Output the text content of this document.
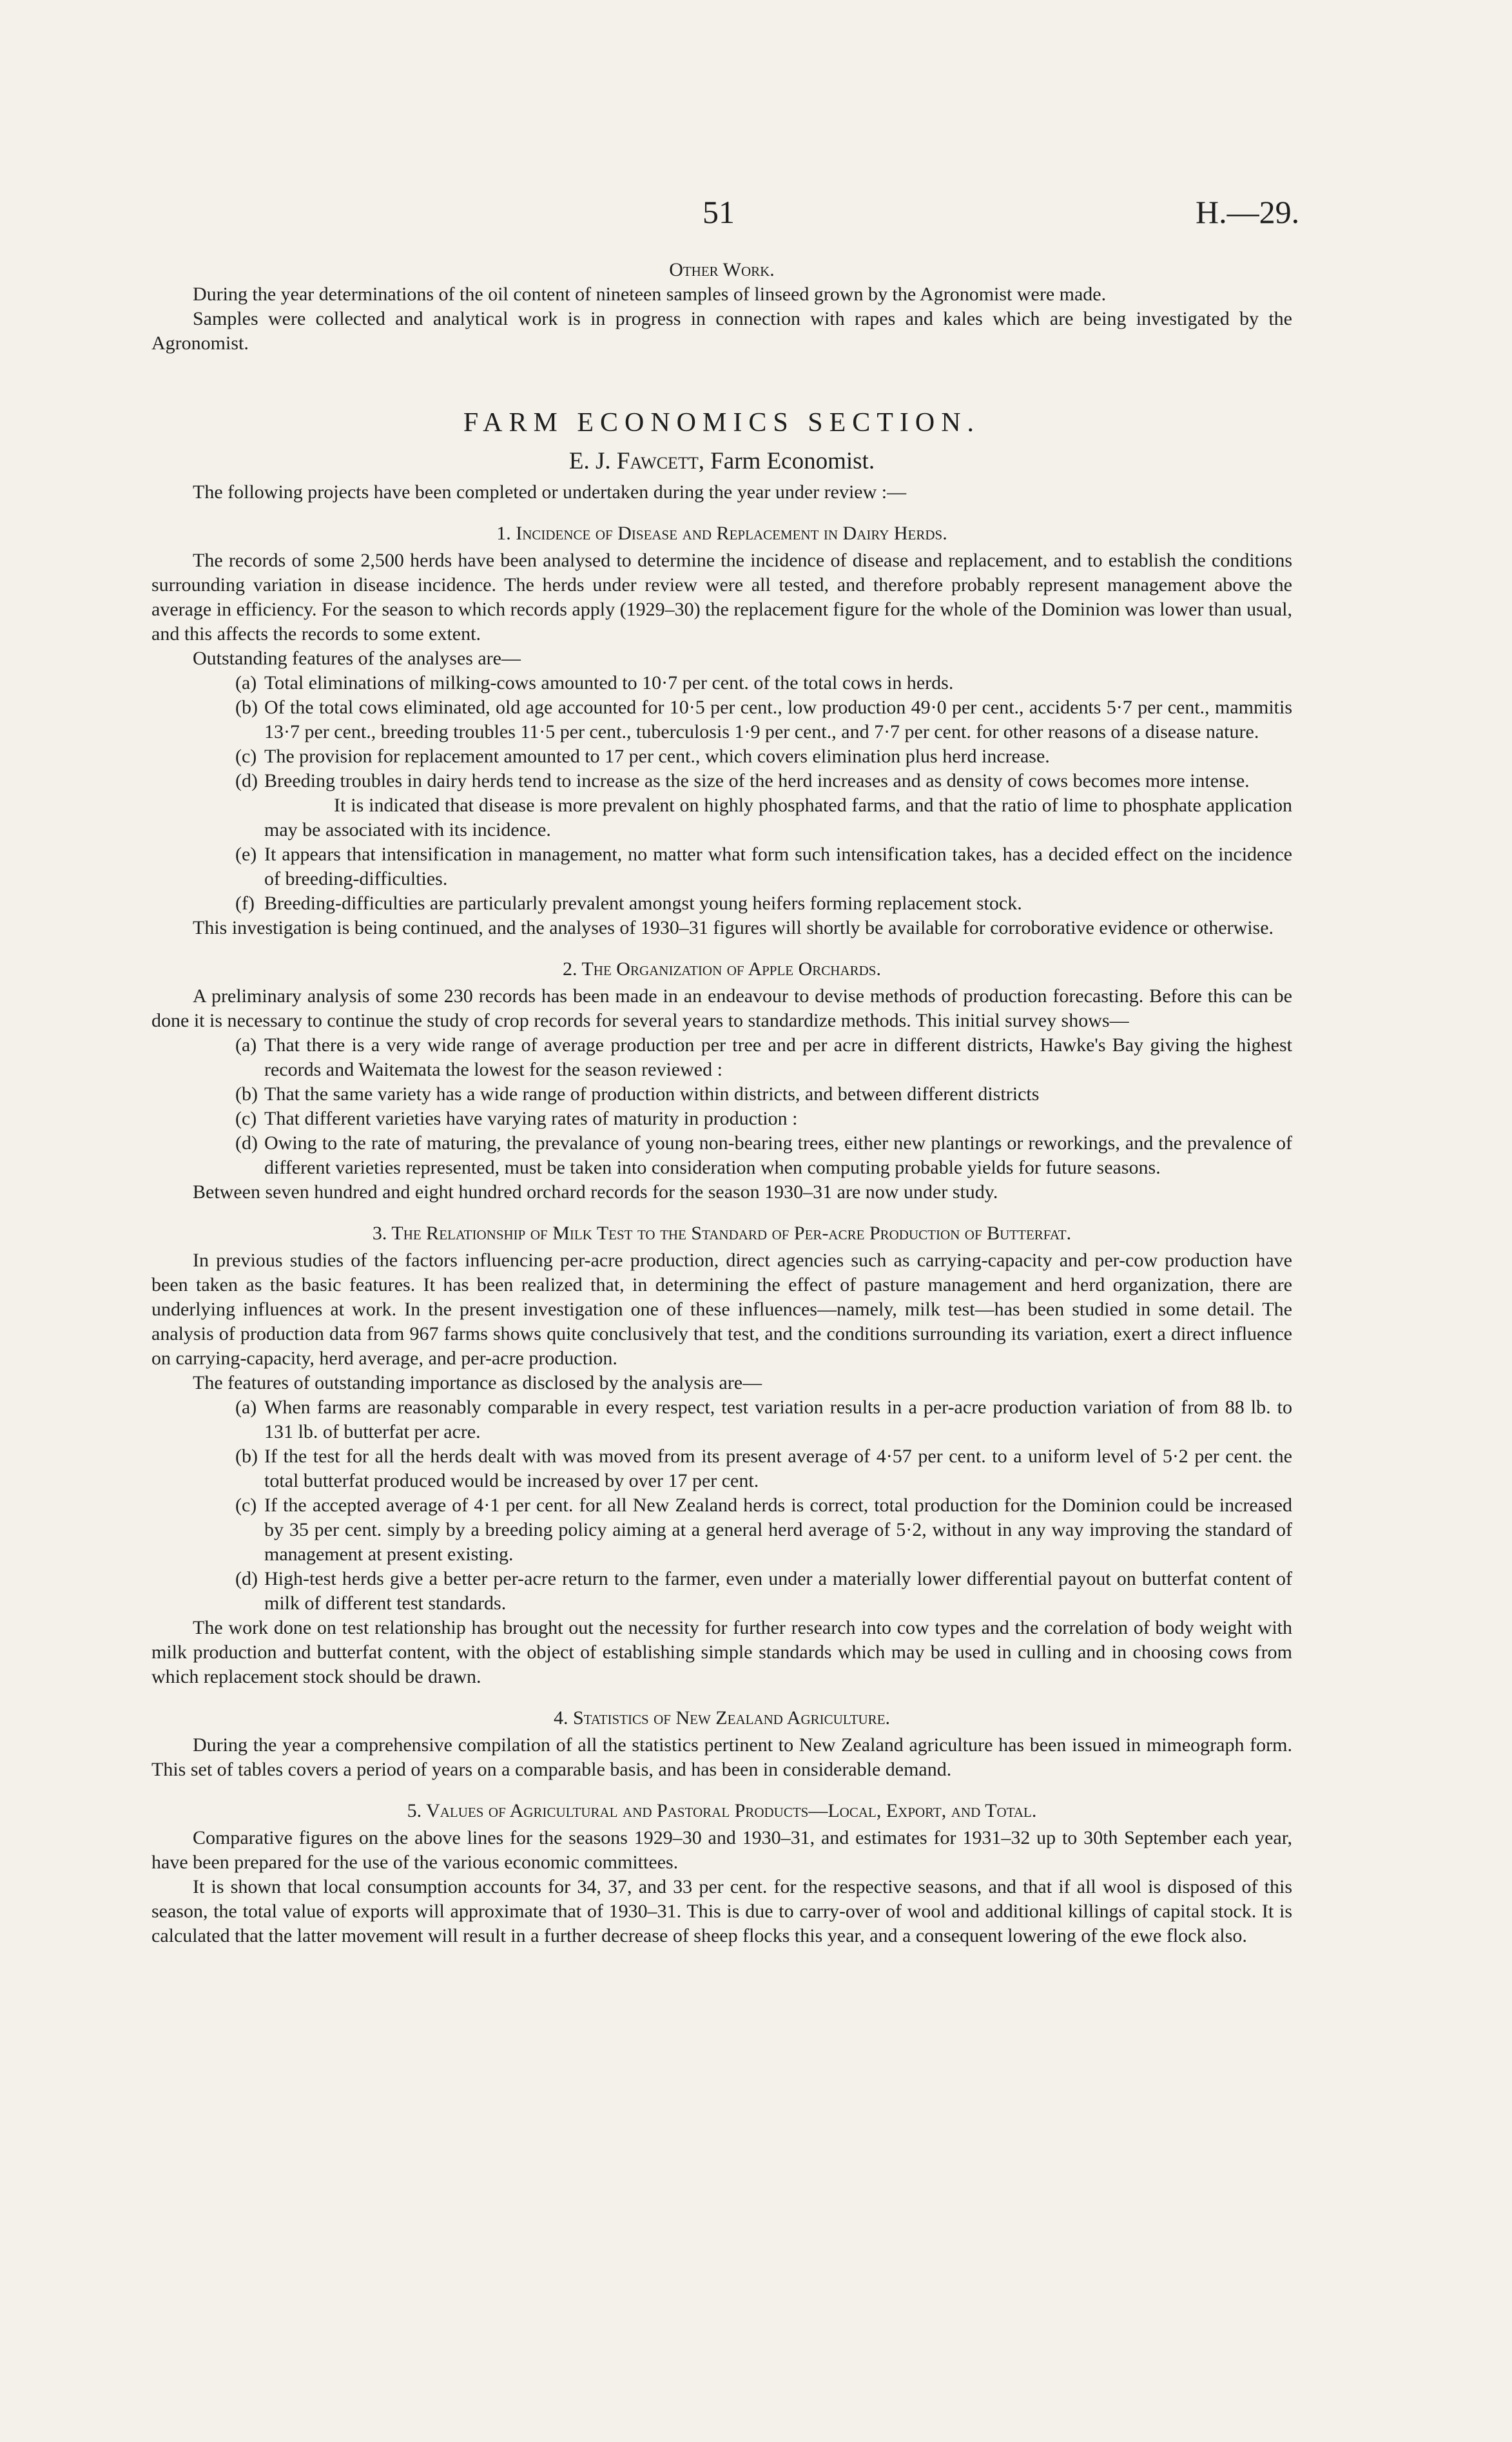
51	H.—29.
Other Work.

During the year determinations of the oil content of nineteen samples of linseed grown by the Agronomist were made.

Samples were collected and analytical work is in progress in connection with rapes and kales which are being investigated by the Agronomist.

FARM ECONOMICS SECTION.
E. J. Fawcett, Farm Economist.

The following projects have been completed or undertaken during the year under review :—

1. Incidence of Disease and Replacement in Dairy Herds.

The records of some 2,500 herds have been analysed to determine the incidence of disease and replacement, and to establish the conditions surrounding variation in disease incidence. The herds under review were all tested, and therefore probably represent management above the average in efficiency. For the season to which records apply (1929–30) the replacement figure for the whole of the Dominion was lower than usual, and this affects the records to some extent.

Outstanding features of the analyses are—

(a) Total eliminations of milking-cows amounted to 10·7 per cent. of the total cows in herds.
(b) Of the total cows eliminated, old age accounted for 10·5 per cent., low production 49·0 per cent., accidents 5·7 per cent., mammitis 13·7 per cent., breeding troubles 11·5 per cent., tuberculosis 1·9 per cent., and 7·7 per cent. for other reasons of a disease nature.
(c) The provision for replacement amounted to 17 per cent., which covers elimination plus herd increase.
(d) Breeding troubles in dairy herds tend to increase as the size of the herd increases and as density of cows becomes more intense.
It is indicated that disease is more prevalent on highly phosphated farms, and that the ratio of lime to phosphate application may be associated with its incidence.
(e) It appears that intensification in management, no matter what form such intensification takes, has a decided effect on the incidence of breeding-difficulties.
(f) Breeding-difficulties are particularly prevalent amongst young heifers forming replacement stock.

This investigation is being continued, and the analyses of 1930–31 figures will shortly be available for corroborative evidence or otherwise.

2. The Organization of Apple Orchards.

A preliminary analysis of some 230 records has been made in an endeavour to devise methods of production forecasting. Before this can be done it is necessary to continue the study of crop records for several years to standardize methods. This initial survey shows—

(a) That there is a very wide range of average production per tree and per acre in different districts, Hawke's Bay giving the highest records and Waitemata the lowest for the season reviewed :
(b) That the same variety has a wide range of production within districts, and between different districts
(c) That different varieties have varying rates of maturity in production :
(d) Owing to the rate of maturing, the prevalance of young non-bearing trees, either new plantings or reworkings, and the prevalence of different varieties represented, must be taken into consideration when computing probable yields for future seasons.

Between seven hundred and eight hundred orchard records for the season 1930–31 are now under study.

3. The Relationship of Milk Test to the Standard of Per-acre Production of Butterfat.

In previous studies of the factors influencing per-acre production, direct agencies such as carrying-capacity and per-cow production have been taken as the basic features. It has been realized that, in determining the effect of pasture management and herd organization, there are underlying influences at work. In the present investigation one of these influences—namely, milk test—has been studied in some detail. The analysis of production data from 967 farms shows quite conclusively that test, and the conditions surrounding its variation, exert a direct influence on carrying-capacity, herd average, and per-acre production.

The features of outstanding importance as disclosed by the analysis are—

(a) When farms are reasonably comparable in every respect, test variation results in a per-acre production variation of from 88 lb. to 131 lb. of butterfat per acre.
(b) If the test for all the herds dealt with was moved from its present average of 4·57 per cent. to a uniform level of 5·2 per cent. the total butterfat produced would be increased by over 17 per cent.
(c) If the accepted average of 4·1 per cent. for all New Zealand herds is correct, total production for the Dominion could be increased by 35 per cent. simply by a breeding policy aiming at a general herd average of 5·2, without in any way improving the standard of management at present existing.
(d) High-test herds give a better per-acre return to the farmer, even under a materially lower differential payout on butterfat content of milk of different test standards.

The work done on test relationship has brought out the necessity for further research into cow types and the correlation of body weight with milk production and butterfat content, with the object of establishing simple standards which may be used in culling and in choosing cows from which replacement stock should be drawn.

4. Statistics of New Zealand Agriculture.

During the year a comprehensive compilation of all the statistics pertinent to New Zealand agriculture has been issued in mimeograph form. This set of tables covers a period of years on a comparable basis, and has been in considerable demand.

5. Values of Agricultural and Pastoral Products—Local, Export, and Total.

Comparative figures on the above lines for the seasons 1929–30 and 1930–31, and estimates for 1931–32 up to 30th September each year, have been prepared for the use of the various economic committees.

It is shown that local consumption accounts for 34, 37, and 33 per cent. for the respective seasons, and that if all wool is disposed of this season, the total value of exports will approximate that of 1930–31. This is due to carry-over of wool and additional killings of capital stock. It is calculated that the latter movement will result in a further decrease of sheep flocks this year, and a consequent lowering of the ewe flock also.
